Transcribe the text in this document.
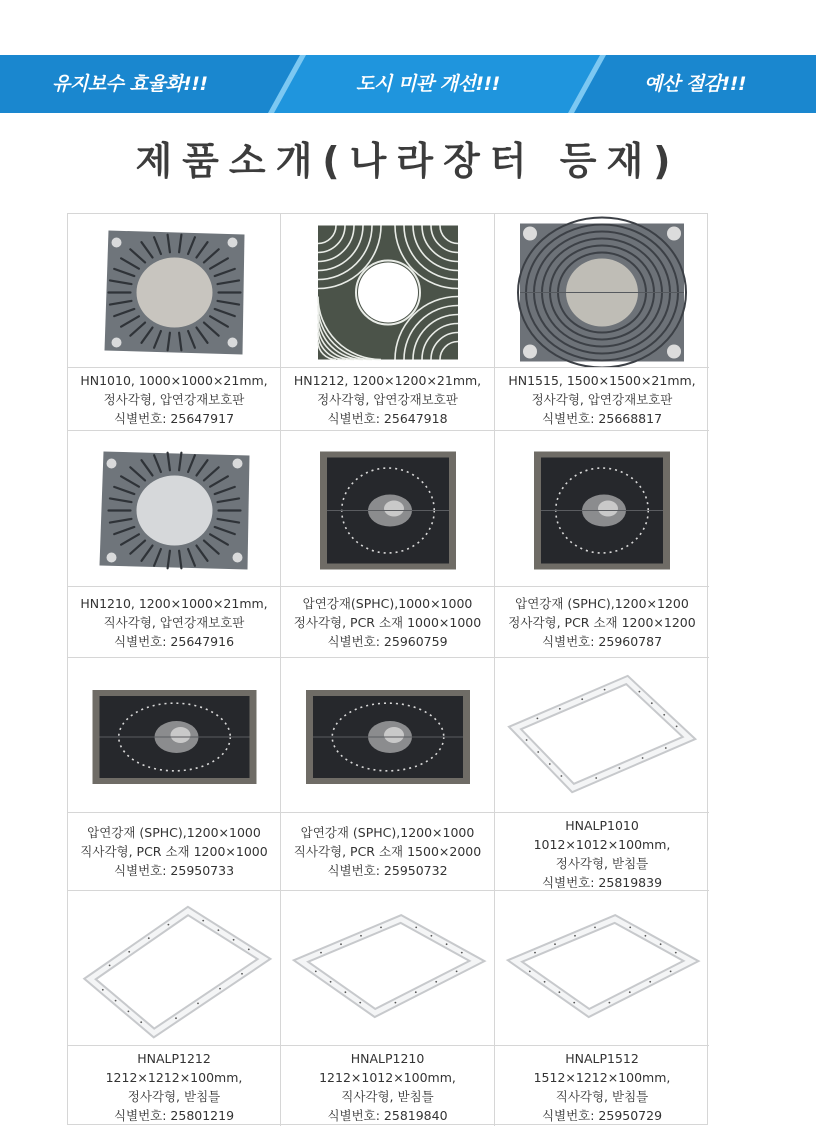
유지보수 효율화!!!	도시 미관 개선!!!	예산 절감!!!
제품소개(나라장터 등재)
HN1010, 1000×1000×21mm,
정사각형, 압연강재보호판
식별번호: 25647917
HN1212, 1200×1200×21mm,
정사각형, 압연강재보호판
식별번호: 25647918
HN1515, 1500×1500×21mm,
정사각형, 압연강재보호판
식별번호: 25668817
HN1210, 1200×1000×21mm,
직사각형, 압연강재보호판
식별번호: 25647916
압연강재(SPHC),1000×1000
정사각형, PCR 소재 1000×1000
식별번호: 25960759
압연강재 (SPHC),1200×1200
정사각형, PCR 소재 1200×1200
식별번호: 25960787
압연강재 (SPHC),1200×1000
직사각형, PCR 소재 1200×1000
식별번호: 25950733
압연강재 (SPHC),1200×1000
직사각형, PCR 소재 1500×2000
식별번호: 25950732
HNALP1010
1012×1012×100mm,
정사각형, 받침틀
식별번호: 25819839
HNALP1212
1212×1212×100mm,
정사각형, 받침틀
식별번호: 25801219
HNALP1210
1212×1012×100mm,
직사각형, 받침틀
식별번호: 25819840
HNALP1512
1512×1212×100mm,
직사각형, 받침틀
식별번호: 25950729
